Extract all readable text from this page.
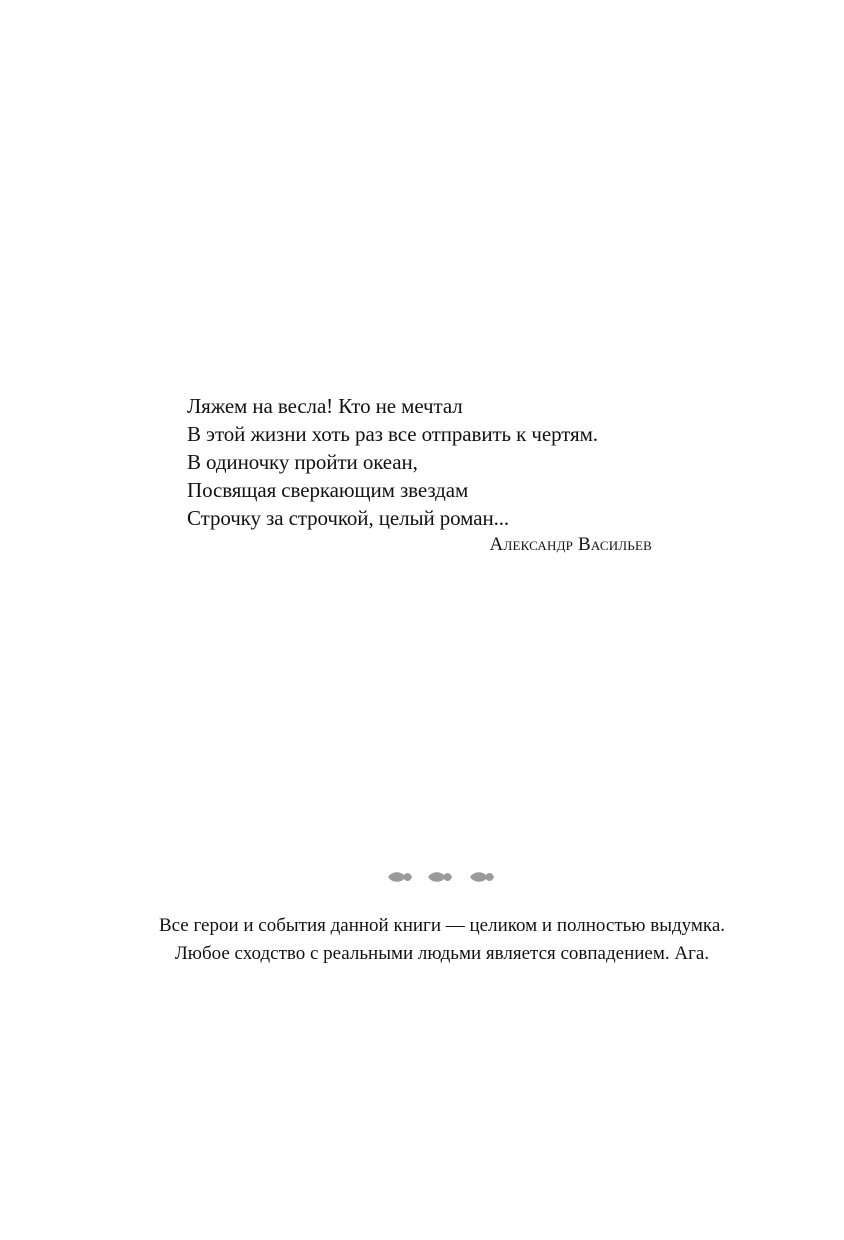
Ляжем на весла! Кто не мечтал
В этой жизни хоть раз все отправить к чертям.
В одиночку пройти океан,
Посвящая сверкающим звездам
Строчку за строчкой, целый роман...
Александр Васильев
Все герои и события данной книги — целиком и полностью выдумка.
Любое сходство с реальными людьми является совпадением. Ага.
